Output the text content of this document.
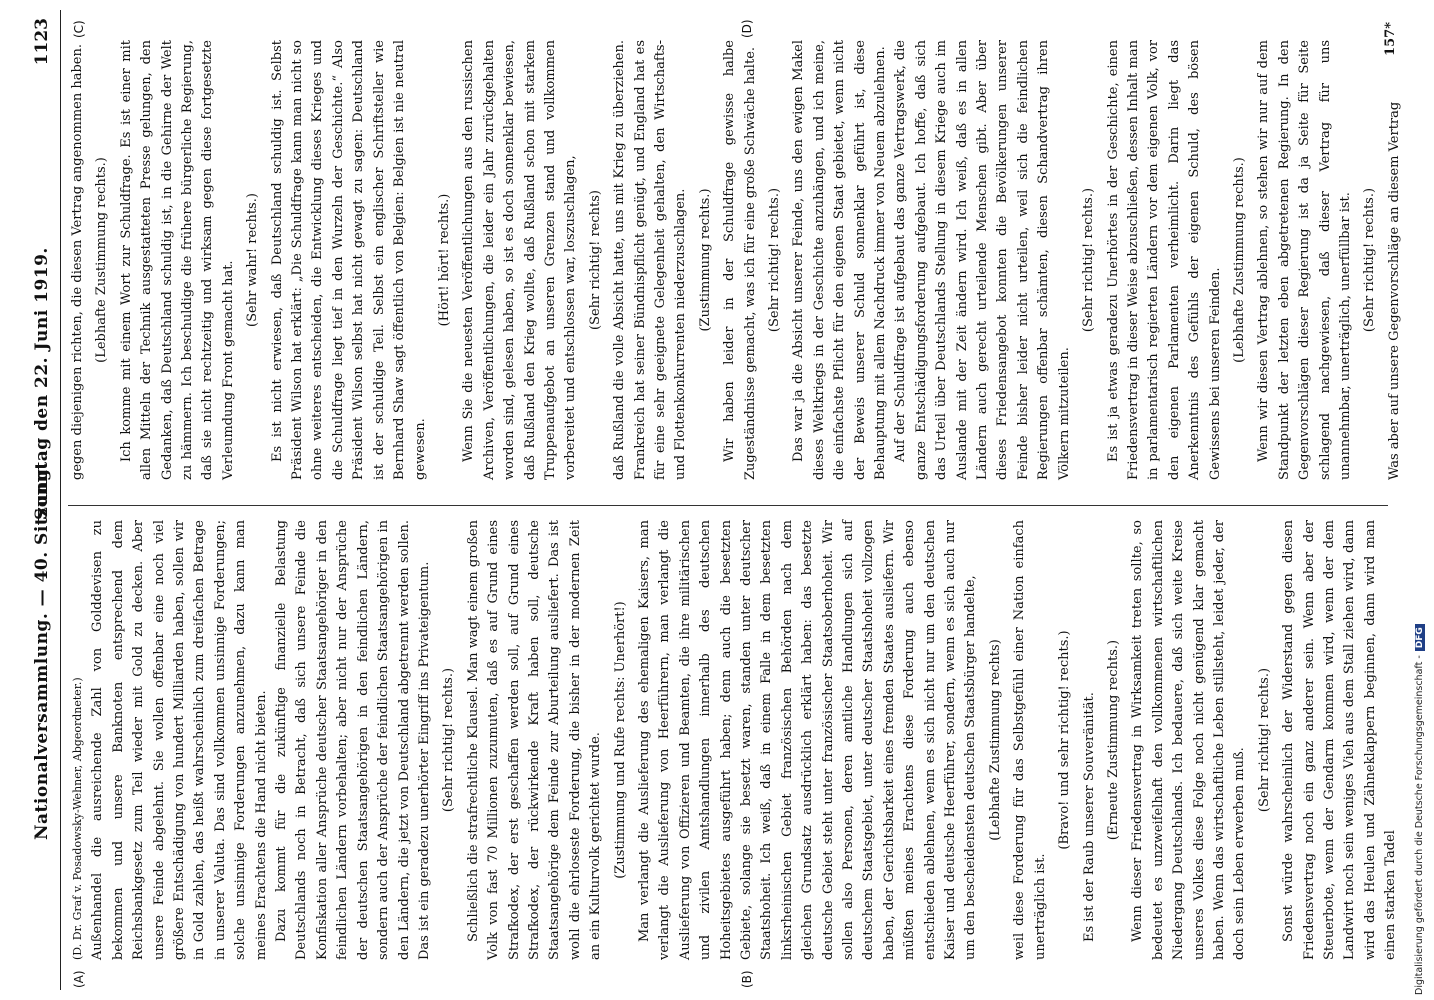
Nationalversammlung. — 40. Sitzung.
Sonntag den 22. Juni 1919.
1123
(A)	(B)
(C)	(D)

(D. Dr. Graf v. Posadowsky-Wehner, Abgeordneter.) Außenhandel die ausreichende Zahl von Golddevisen zu bekommen und unsere Banknoten entsprechend dem Reichsbankgesetz zum Teil wieder mit Gold zu decken. Aber unsere Feinde abgelehnt. Sie wollen offenbar eine noch viel größere Entschädigung von hundert Milliarden haben, sollen wir in Gold zahlen, das heißt wahrscheinlich zum dreifachen Betrage in unserer Valuta. Das sind vollkommen unsinnige Forderungen; solche unsinnige Forderungen anzunehmen, dazu kann man meines Erachtens die Hand nicht bieten. Dazu kommt für die zukünftige finanzielle Belastung Deutschlands noch in Betracht, daß sich unsere Feinde die Konfiskation aller Ansprüche deutscher Staatsangehöriger in den feindlichen Ländern vorbehalten; aber nicht nur der Ansprüche der deutschen Staatsangehörigen in den feindlichen Ländern, sondern auch der Ansprüche der feindlichen Staatsangehörigen in den Ländern, die jetzt von Deutschland abgetrennt werden sollen. Das ist ein geradezu unerhörter Eingriff ins Privateigentum. (Sehr richtig! rechts.) Schließlich die strafrechtliche Klausel. Man wagt einem großen Volk von fast 70 Millionen zuzumuten, daß es auf Grund eines Strafkodex, der erst geschaffen werden soll, auf Grund eines Strafkodex, der rückwirkende Kraft haben soll, deutsche Staatsangehörige dem Feinde zur Aburteilung ausliefert. Das ist wohl die ehrloseste Forderung, die bisher in der modernen Zeit an ein Kulturvolk gerichtet wurde. (Zustimmung und Rufe rechts: Unerhört!) Man verlangt die Auslieferung des ehemaligen Kaisers, man verlangt die Auslieferung von Heerführern, man verlangt die Auslieferung von Offizieren und Beamten, die ihre militärischen und zivilen Amtshandlungen innerhalb des deutschen Hoheitsgebietes ausgeführt haben; denn auch die besetzten Gebiete, solange sie besetzt waren, standen unter deutscher Staatshoheit. Ich weiß, daß in einem Falle in dem besetzten linksrheinischen Gebiet französischen Behörden nach dem gleichen Grundsatz ausdrücklich erklärt haben: das besetzte deutsche Gebiet steht unter französischer Staatsoberhoheit. Wir sollen also Personen, deren amtliche Handlungen sich auf deutschem Staatsgebiet, unter deutscher Staatshoheit vollzogen haben, der Gerichtsbarkeit eines fremden Staates ausliefern. Wir müßten meines Erachtens diese Forderung auch ebenso entschieden ablehnen, wenn es sich nicht nur um den deutschen Kaiser und deutsche Heerführer, sondern, wenn es sich auch nur um den bescheidensten deutschen Staatsbürger handelte, (Lebhafte Zustimmung rechts) weil diese Forderung für das Selbstgefühl einer Nation einfach unerträglich ist.

(Bravo! und sehr richtig! rechts.) Es ist der Raub unserer Souveränität. (Erneute Zustimmung rechts.) Wenn dieser Friedensvertrag in Wirksamkeit treten sollte, so bedeutet es unzweifelhaft den vollkommenen wirtschaftlichen Niedergang Deutschlands. Ich bedauere, daß sich weite Kreise unseres Volkes diese Folge noch nicht genügend klar gemacht haben. Wenn das wirtschaftliche Leben stillsteht, leidet jeder, der doch sein Leben erwerben muß.

(Sehr richtig! rechts.) Sonst würde wahrscheinlich der Widerstand gegen diesen Friedensvertrag noch ein ganz anderer sein. Wenn aber der Steuerbote, wenn der Gendarm kommen wird, wenn der dem Landwirt noch sein weniges Vieh aus dem Stall ziehen wird, dann wird das Heulen und Zähneklappern beginnen, dann wird man einen starken Tadel

gegen diejenigen richten, die diesen Vertrag angenommen haben. (Lebhafte Zustimmung rechts.) Ich komme mit einem Wort zur Schuldfrage. Es ist einer mit allen Mitteln der Technik ausgestatteten Presse gelungen, den Gedanken, daß Deutschland schuldig ist, in die Gehirne der Welt zu hämmern. Ich beschuldige die frühere bürgerliche Regierung, daß sie nicht rechtzeitig und wirksam gegen diese fortgesetzte Verleumdung Front gemacht hat.

(Sehr wahr! rechts.) Es ist nicht erwiesen, daß Deutschland schuldig ist. Selbst Präsident Wilson hat erklärt: „Die Schuldfrage kann man nicht so ohne weiteres entscheiden, die Entwicklung dieses Krieges und die Schuldfrage liegt tief in den Wurzeln der Geschichte.“ Also Präsident Wilson selbst hat nicht gewagt zu sagen: Deutschland ist der schuldige Teil. Selbst ein englischer Schriftsteller wie Bernhard Shaw sagt öffentlich von Belgien: Belgien ist nie neutral gewesen.

(Hört! hört! rechts.) Wenn Sie die neuesten Veröffentlichungen aus den russischen Archiven, Veröffentlichungen, die leider ein Jahr zurückgehalten worden sind, gelesen haben, so ist es doch sonnenklar bewiesen, daß Rußland den Krieg wollte, daß Rußland schon mit starkem Truppenaufgebot an unseren Grenzen stand und vollkommen vorbereitet und entschlossen war, loszuschlagen, (Sehr richtig! rechts) daß Rußland die volle Absicht hatte, uns mit Krieg zu überziehen. Frankreich hat seiner Bündnispflicht genügt, und England hat es für eine sehr geeignete Gelegenheit gehalten, den Wirtschafts- und Flottenkonkurrenten niederzuschlagen. (Zustimmung rechts.) Wir haben leider in der Schuldfrage gewisse halbe Zugeständnisse gemacht, was ich für eine große Schwäche halte. (Sehr richtig! rechts.) Das war ja die Absicht unserer Feinde, uns den ewigen Makel dieses Weltkriegs in der Geschichte anzuhängen, und ich meine, die einfachste Pflicht für den eigenen Staat gebietet, wenn nicht der Beweis unserer Schuld sonnenklar geführt ist, diese Behauptung mit allem Nachdruck immer von Neuem abzulehnen. Auf der Schuldfrage ist aufgebaut das ganze Vertragswerk, die ganze Entschädigungsforderung aufgebaut. Ich hoffe, daß sich das Urteil über Deutschlands Stellung in diesem Kriege auch im Auslande mit der Zeit ändern wird. Ich weiß, daß es in allen Ländern auch gerecht urteilende Menschen gibt. Aber über dieses Friedensangebot konnten die Bevölkerungen unserer Feinde bisher leider nicht urteilen, weil sich die feindlichen Regierungen offenbar schämten, diesen Schandvertrag ihren Völkern mitzuteilen.

(Sehr richtig! rechts.) Es ist ja etwas geradezu Unerhörtes in der Geschichte, einen Friedensvertrag in dieser Weise abzuschließen, dessen Inhalt man in parlamentarisch regierten Ländern vor dem eigenen Volk, vor den eigenen Parlamenten verheimlicht. Darin liegt das Anerkenntnis des Gefühls der eigenen Schuld, des bösen Gewissens bei unseren Feinden.

(Lebhafte Zustimmung rechts.) Wenn wir diesen Vertrag ablehnen, so stehen wir nur auf dem Standpunkt der letzten eben abgetretenen Regierung. In den Gegenvorschlägen dieser Regierung ist da ja Seite für Seite schlagend nachgewiesen, daß dieser Vertrag für uns unannehmbar, unerträglich, unerfüllbar ist. (Sehr richtig! rechts.) Was aber auf unsere Gegenvorschläge an diesem Vertrag

157*
Digitalisierung gefördert durch die Deutsche Forschungsgemeinschaft -DFG
